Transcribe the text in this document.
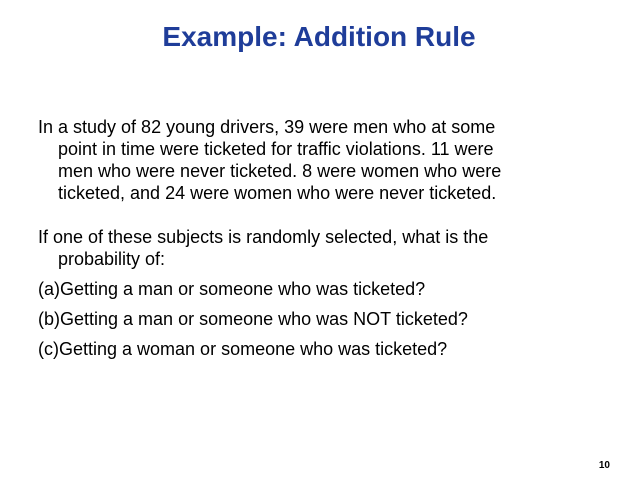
Example: Addition Rule

In a study of 82 young drivers, 39 were men who at some
point in time were ticketed for traffic violations. 11 were
men who were never ticketed. 8 were women who were
ticketed, and 24 were women who were never ticketed.

If one of these subjects is randomly selected, what is the
probability of:

(a)Getting a man or someone who was ticketed?

(b)Getting a man or someone who was NOT ticketed?

(c)Getting a woman or someone who was ticketed?

10
